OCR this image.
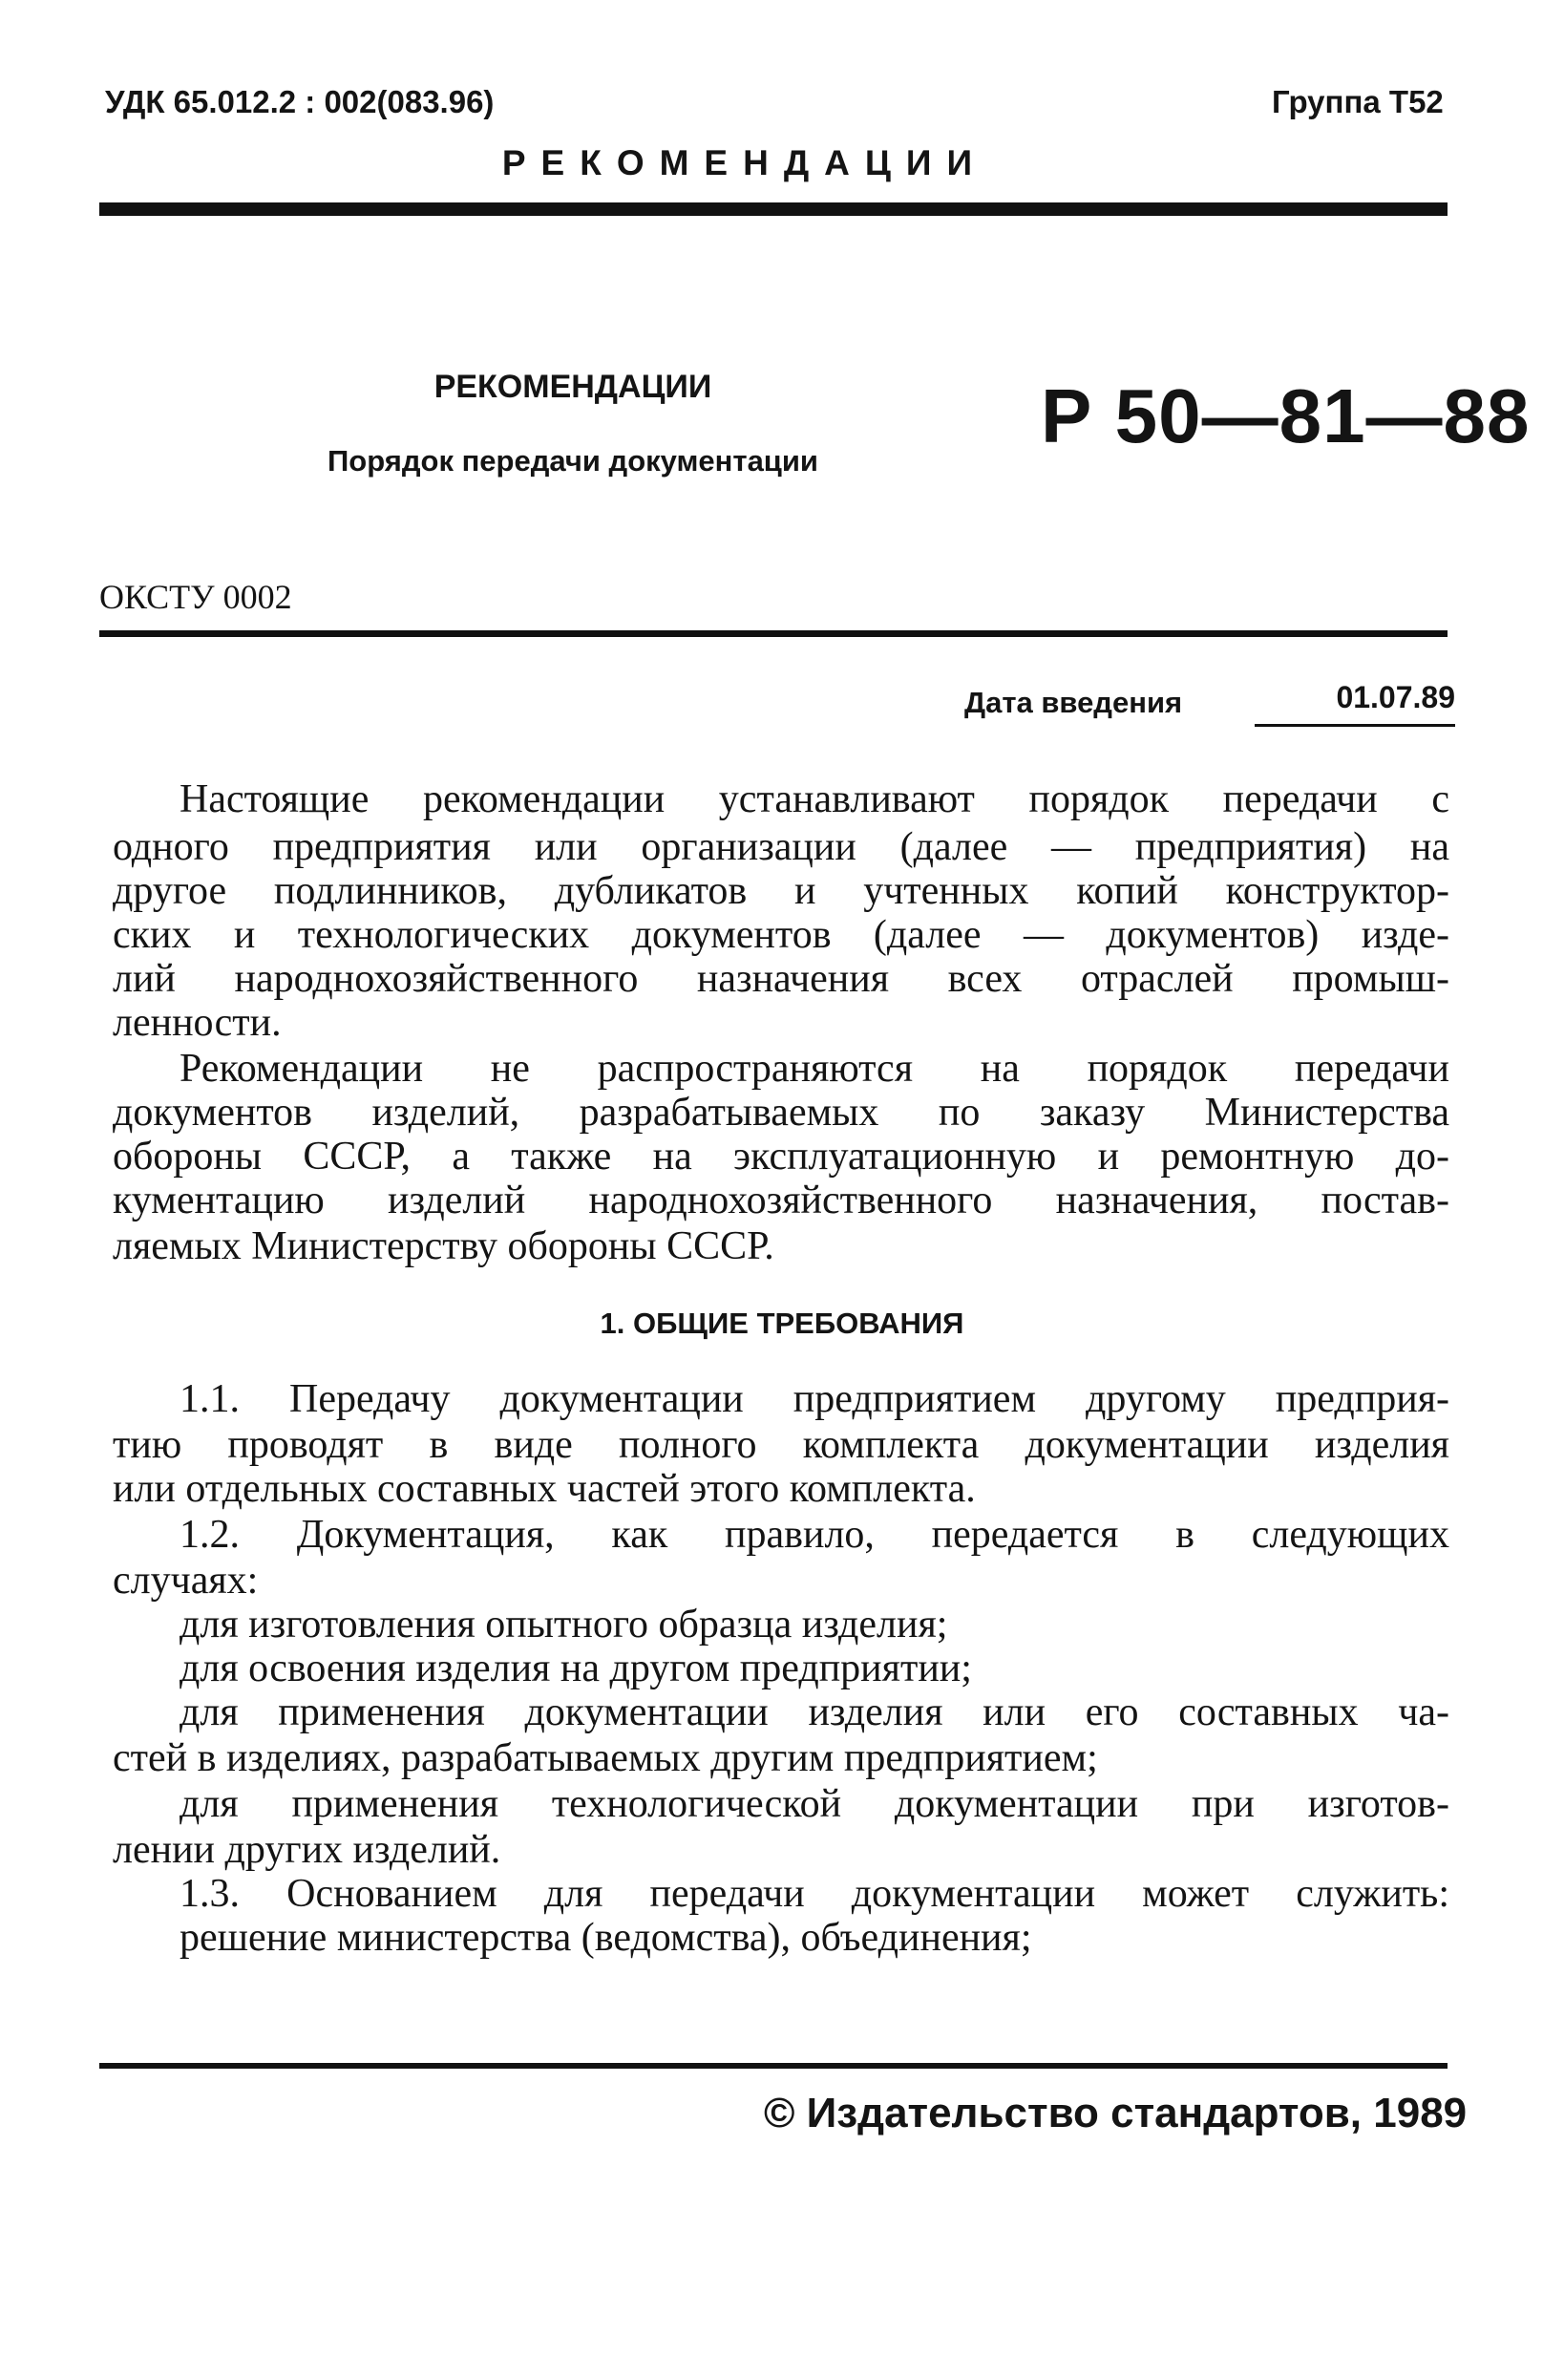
УДК 65.012.2 : 002(083.96)	Группа Т52
РЕКОМЕНДАЦИИ
РЕКОМЕНДАЦИИ
Порядок передачи документации
Р 50—81—88
ОКСТУ 0002
Дата введения	01.07.89
Настоящие рекомендации устанавливают порядок передачи с
одного предприятия или организации (далее — предприятия) на
другое подлинников, дубликатов и учтенных копий конструктор-
ских и технологических документов (далее — документов) изде-
лий народнохозяйственного назначения всех отраслей промыш-
ленности.
Рекомендации не распространяются на порядок передачи
документов изделий, разрабатываемых по заказу Министерства
обороны СССР, а также на эксплуатационную и ремонтную до-
кументацию изделий народнохозяйственного назначения, постав-
ляемых Министерству обороны СССР.
1. ОБЩИЕ ТРЕБОВАНИЯ
1.1. Передачу документации предприятием другому предприя-
тию проводят в виде полного комплекта документации изделия
или отдельных составных частей этого комплекта.
1.2. Документация, как правило, передается в следующих
случаях:
для изготовления опытного образца изделия;
для освоения изделия на другом предприятии;
для применения документации изделия или его составных ча-
стей в изделиях, разрабатываемых другим предприятием;
для применения технологической документации при изготов-
лении других изделий.
1.3. Основанием для передачи документации может служить:
решение министерства (ведомства), объединения;
© Издательство стандартов, 1989
